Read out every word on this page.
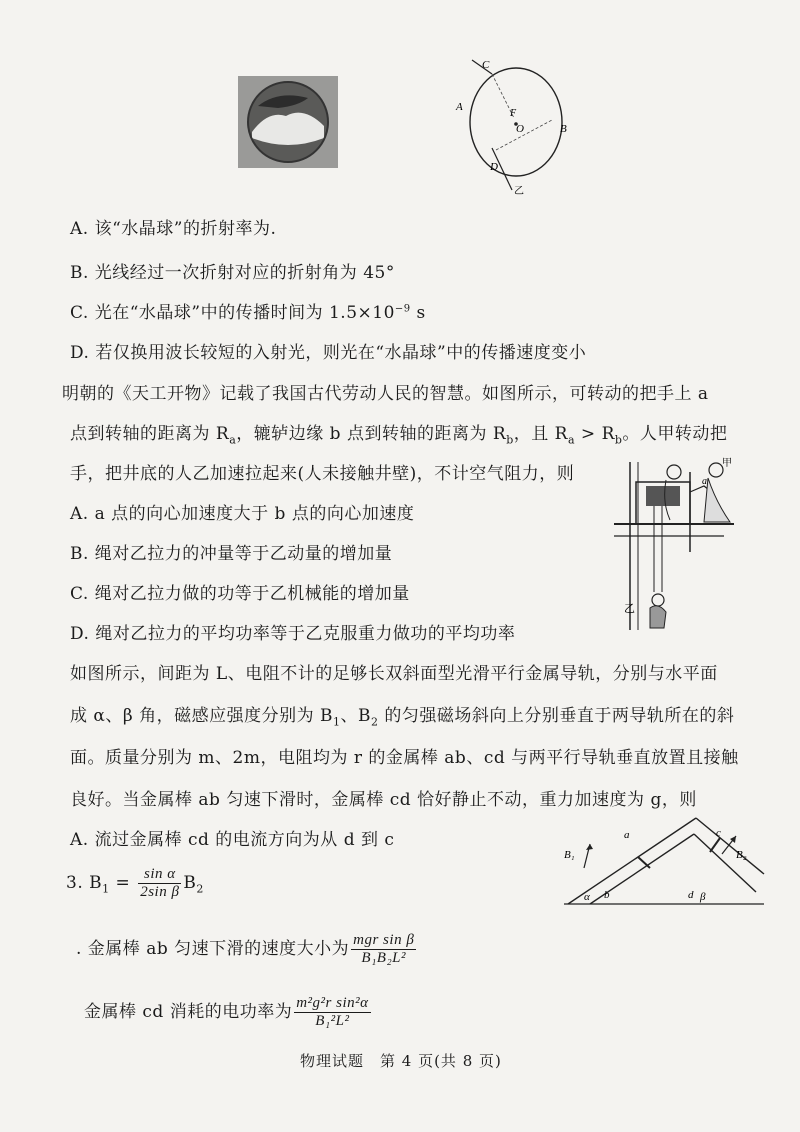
C
A
B
F
O
D
乙
A. 该“水晶球”的折射率为.
B. 光线经过一次折射对应的折射角为 45°
C. 光在“水晶球”中的传播时间为 $1.5\times 10^{-9}$ s
D. 若仅换用波长较短的入射光，则光在“水晶球”中的传播速度变小
明朝的《天工开物》记载了我国古代劳动人民的智慧。如图所示，可转动的把手上 a
点到转轴的距离为 $R_a$，辘轳边缘 b 点到转轴的距离为 $R_b$，且 $R_a > R_b$。人甲转动把
手，把井底的人乙加速拉起来(人未接触井壁)，不计空气阻力，则
A. a 点的向心加速度大于 b 点的向心加速度
B. 绳对乙拉力的冲量等于乙动量的增加量
C. 绳对乙拉力做的功等于乙机械能的增加量
D. 绳对乙拉力的平均功率等于乙克服重力做功的平均功率
甲
a
乙
如图所示，间距为 L、电阻不计的足够长双斜面型光滑平行金属导轨，分别与水平面
成 α、β 角，磁感应强度分别为 $B_1$、$B_2$ 的匀强磁场斜向上分别垂直于两导轨所在的斜
面。质量分别为 m、2m，电阻均为 r 的金属棒 ab、cd 与两平行导轨垂直放置且接触
良好。当金属棒 ab 匀速下滑时，金属棒 cd 恰好静止不动，重力加速度为 g，则
A. 流过金属棒 cd 的电流方向为从 d 到 c
3. $B_1 = \frac{\text{sin α}}{\text{2sin β}} B_2$
. 金属棒 ab 匀速下滑的速度大小为 $\frac{\text{mgr sin β}}{\text{B₁B₂L²}}$
金属棒 cd 消耗的电功率为 $\frac{\text{m²g²r sin²α}}{\text{B₁²L²}}$
B₁	B₂
a	c
α b	d β
物理试题　第 4 页(共 8 页)
